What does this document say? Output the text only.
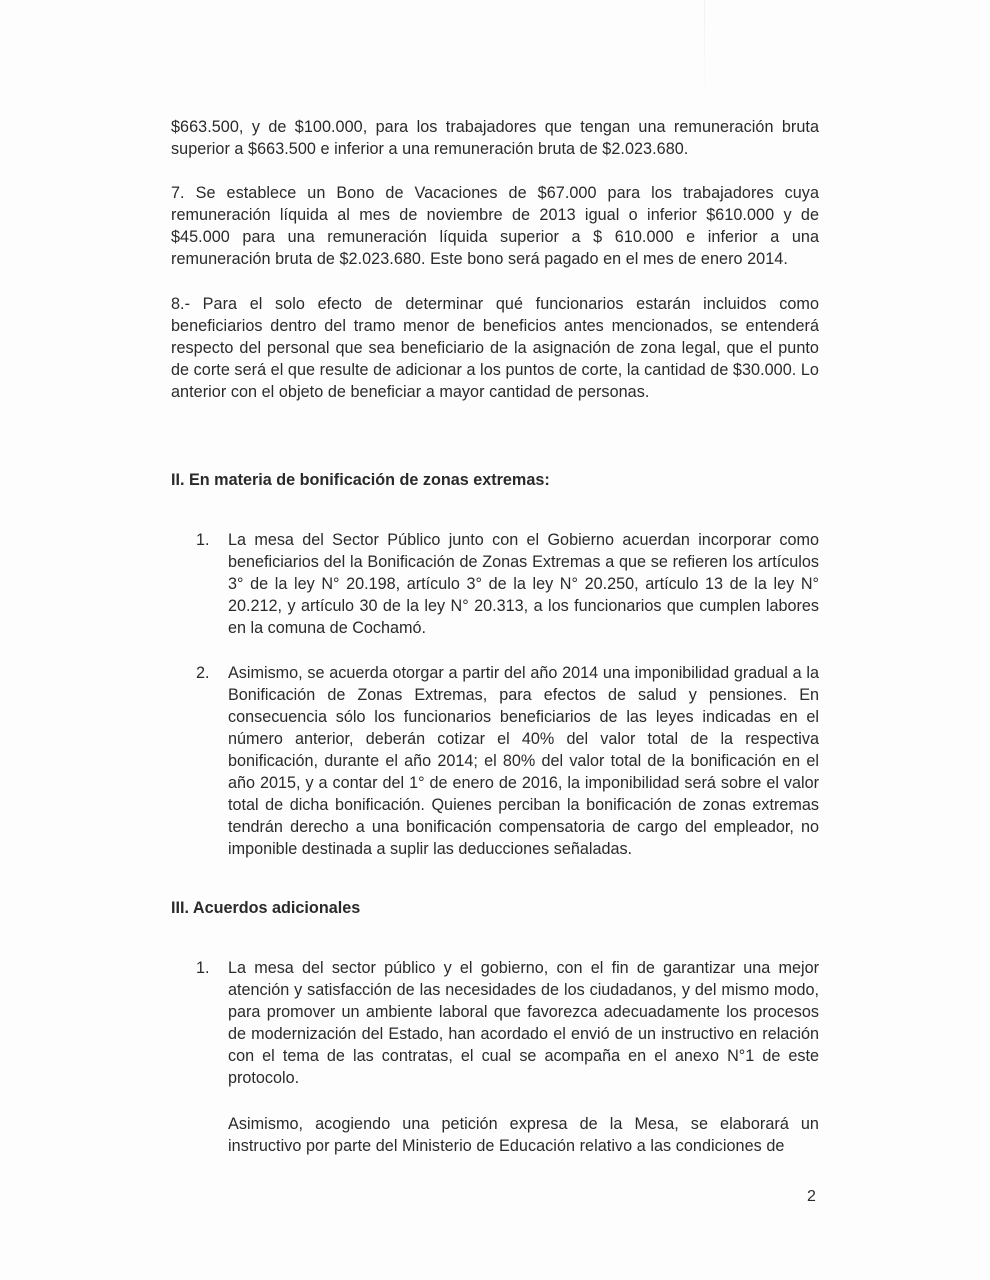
$663.500, y de $100.000, para los trabajadores que tengan una remuneración bruta superior a $663.500 e inferior a una remuneración bruta de $2.023.680.

7. Se establece un Bono de Vacaciones de $67.000 para los trabajadores cuya remuneración líquida al mes de noviembre de 2013 igual o inferior $610.000 y de $45.000 para una remuneración líquida superior a $ 610.000 e inferior a una remuneración bruta de $2.023.680. Este bono será pagado en el mes de enero 2014.

8.- Para el solo efecto de determinar qué funcionarios estarán incluidos como beneficiarios dentro del tramo menor de beneficios antes mencionados, se entenderá respecto del personal que sea beneficiario de la asignación de zona legal, que el punto de corte será el que resulte de adicionar a los puntos de corte, la cantidad de $30.000. Lo anterior con el objeto de beneficiar a mayor cantidad de personas.

II. En materia de bonificación de zonas extremas:
1. La mesa del Sector Público junto con el Gobierno acuerdan incorporar como beneficiarios del la Bonificación de Zonas Extremas a que se refieren los artículos 3° de la ley N° 20.198, artículo 3° de la ley N° 20.250, artículo 13 de la ley N° 20.212, y artículo 30 de la ley N° 20.313, a los funcionarios que cumplen labores en la comuna de Cochamó.
2. Asimismo, se acuerda otorgar a partir del año 2014 una imponibilidad gradual a la Bonificación de Zonas Extremas, para efectos de salud y pensiones. En consecuencia sólo los funcionarios beneficiarios de las leyes indicadas en el número anterior, deberán cotizar el 40% del valor total de la respectiva bonificación, durante el año 2014; el 80% del valor total de la bonificación en el año 2015, y a contar del 1° de enero de 2016, la imponibilidad será sobre el valor total de dicha bonificación. Quienes perciban la bonificación de zonas extremas tendrán derecho a una bonificación compensatoria de cargo del empleador, no imponible destinada a suplir las deducciones señaladas.
III. Acuerdos adicionales
1. La mesa del sector público y el gobierno, con el fin de garantizar una mejor atención y satisfacción de las necesidades de los ciudadanos, y del mismo modo, para promover un ambiente laboral que favorezca adecuadamente los procesos de modernización del Estado, han acordado el envió de un instructivo en relación con el tema de las contratas, el cual se acompaña en el anexo N°1 de este protocolo.

Asimismo, acogiendo una petición expresa de la Mesa, se elaborará un instructivo por parte del Ministerio de Educación relativo a las condiciones de

2
